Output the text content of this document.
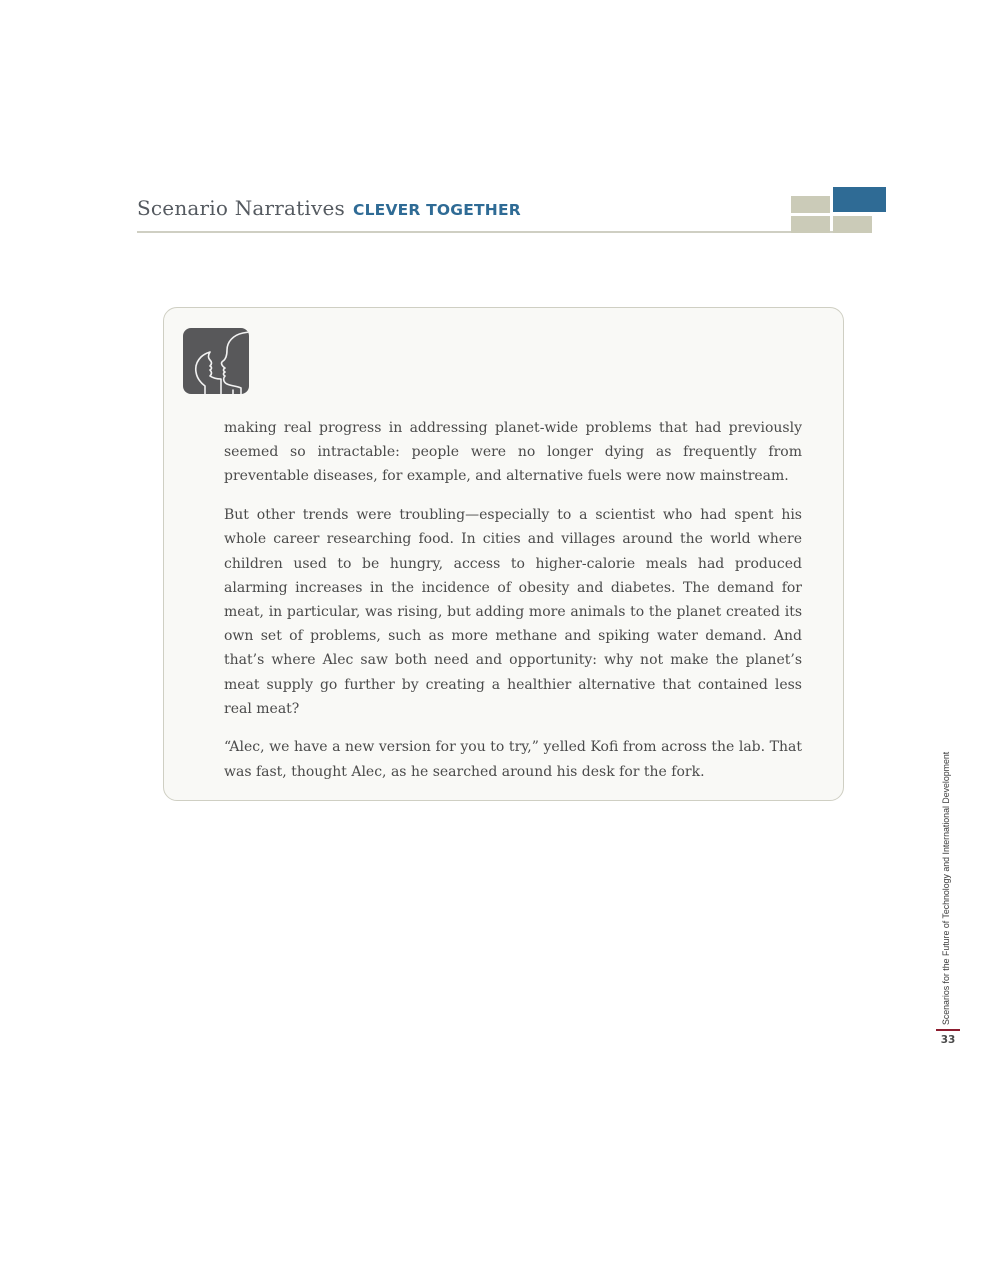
Scenario Narratives CLEVER TOGETHER

making real progress in addressing planet-wide problems that had previously seemed so intractable: people were no longer dying as frequently from preventable diseases, for example, and alternative fuels were now mainstream.

But other trends were troubling—especially to a scientist who had spent his whole career researching food. In cities and villages around the world where children used to be hungry, access to higher-calorie meals had produced alarming increases in the incidence of obesity and diabetes. The demand for meat, in particular, was rising, but adding more animals to the planet created its own set of problems, such as more methane and spiking water demand. And that’s where Alec saw both need and opportunity: why not make the planet’s meat supply go further by creating a healthier alternative that contained less real meat?

“Alec, we have a new version for you to try,” yelled Kofi from across the lab. That was fast, thought Alec, as he searched around his desk for the fork.	Scenarios for the Future of Technology and International Development
33
